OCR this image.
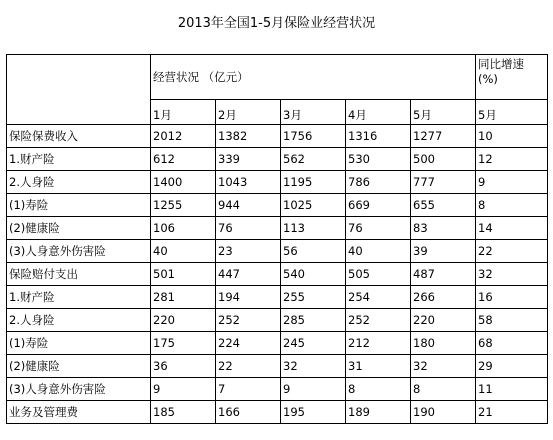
2013年全国1-5月保险业经营状况
	经营状况 （亿元）					同比增速
(%)
	1月	2月	3月	4月	5月	5月
保险保费收入	2012	1382	1756	1316	1277	10
1.财产险	612	339	562	530	500	12
2.人身险	1400	1043	1195	786	777	9
(1)寿险	1255	944	1025	669	655	8
(2)健康险	106	76	113	76	83	14
(3)人身意外伤害险	40	23	56	40	39	22
保险赔付支出	501	447	540	505	487	32
1.财产险	281	194	255	254	266	16
2.人身险	220	252	285	252	220	58
(1)寿险	175	224	245	212	180	68
(2)健康险	36	22	32	31	32	29
(3)人身意外伤害险	9	7	9	8	8	11
业务及管理费	185	166	195	189	190	21
